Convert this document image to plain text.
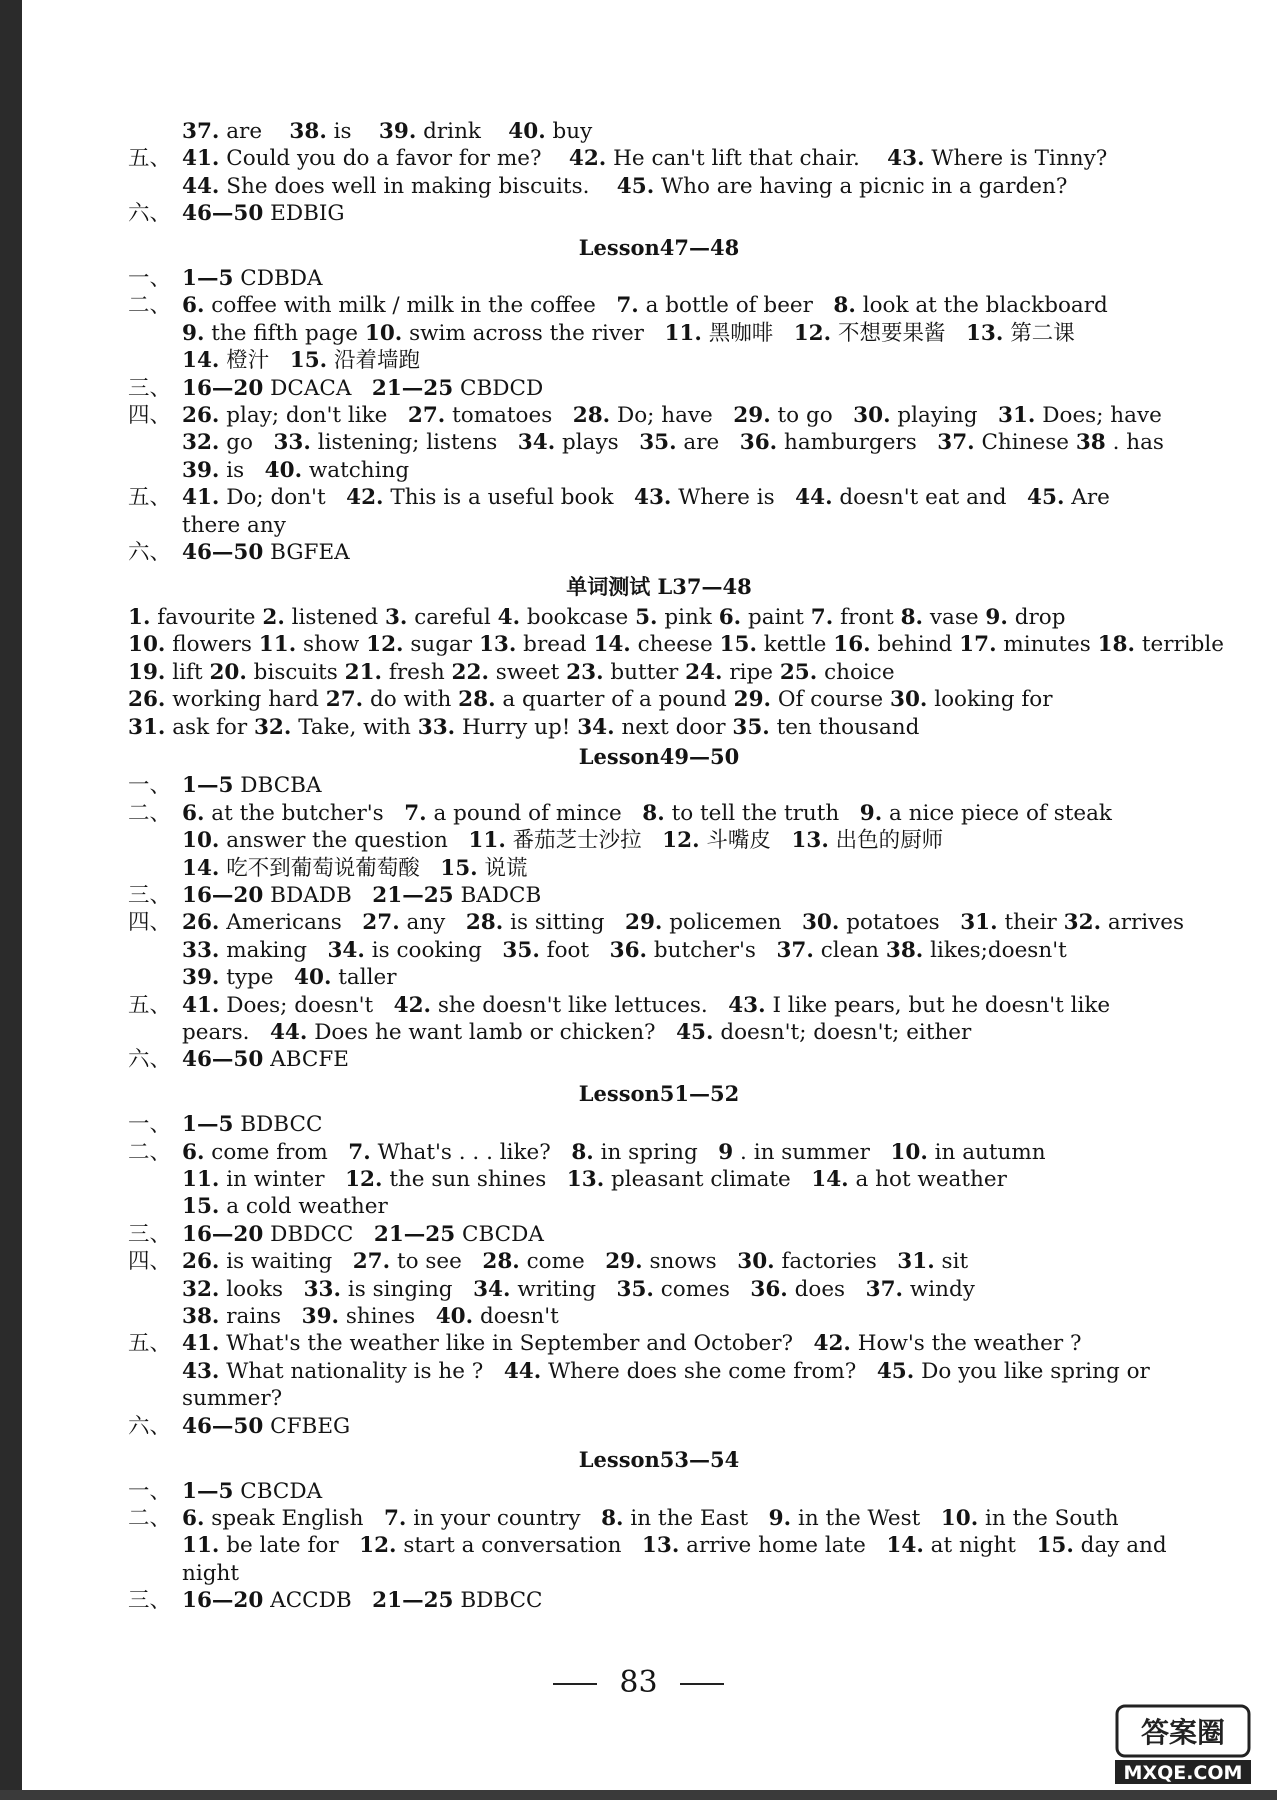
37. are    38. is    39. drink    40. buy
五、 41. Could you do a favor for me?    42. He can't lift that chair.    43. Where is Tinny?
44. She does well in making biscuits.    45. Who are having a picnic in a garden?
六、 46—50 EDBIG
Lesson47—48
一、 1—5 CDBDA
二、 6. coffee with milk / milk in the coffee   7. a bottle of beer   8. look at the blackboard
9. the fifth page 10. swim across the river   11. 黑咖啡   12. 不想要果酱   13. 第二课
14. 橙汁   15. 沿着墙跑
三、 16—20 DCACA   21—25 CBDCD
四、 26. play; don't like   27. tomatoes   28. Do; have   29. to go   30. playing   31. Does; have
32. go   33. listening; listens   34. plays   35. are   36. hamburgers   37. Chinese 38 . has
39. is   40. watching
五、 41. Do; don't   42. This is a useful book   43. Where is   44. doesn't eat and   45. Are
there any
六、 46—50 BGFEA
单词测试 L37—48
1. favourite 2. listened 3. careful 4. bookcase 5. pink 6. paint 7. front 8. vase 9. drop
10. flowers 11. show 12. sugar 13. bread 14. cheese 15. kettle 16. behind 17. minutes 18. terrible
19. lift 20. biscuits 21. fresh 22. sweet 23. butter 24. ripe 25. choice
26. working hard 27. do with 28. a quarter of a pound 29. Of course 30. looking for
31. ask for 32. Take, with 33. Hurry up! 34. next door 35. ten thousand
Lesson49—50
一、 1—5 DBCBA
二、 6. at the butcher's   7. a pound of mince   8. to tell the truth   9. a nice piece of steak
10. answer the question   11. 番茄芝士沙拉   12. 斗嘴皮   13. 出色的厨师
14. 吃不到葡萄说葡萄酸   15. 说谎
三、 16—20 BDADB   21—25 BADCB
四、 26. Americans   27. any   28. is sitting   29. policemen   30. potatoes   31. their 32. arrives
33. making   34. is cooking   35. foot   36. butcher's   37. clean 38. likes;doesn't
39. type   40. taller
五、 41. Does; doesn't   42. she doesn't like lettuces.   43. I like pears, but he doesn't like
pears.   44. Does he want lamb or chicken?   45. doesn't; doesn't; either
六、 46—50 ABCFE
Lesson51—52
一、 1—5 BDBCC
二、 6. come from   7. What's . . . like?   8. in spring   9 . in summer   10. in autumn
11. in winter   12. the sun shines   13. pleasant climate   14. a hot weather
15. a cold weather
三、 16—20 DBDCC   21—25 CBCDA
四、 26. is waiting   27. to see   28. come   29. snows   30. factories   31. sit
32. looks   33. is singing   34. writing   35. comes   36. does   37. windy
38. rains   39. shines   40. doesn't
五、 41. What's the weather like in September and October?   42. How's the weather ?
43. What nationality is he ?   44. Where does she come from?   45. Do you like spring or
summer?
六、 46—50 CFBEG
Lesson53—54
一、 1—5 CBCDA
二、 6. speak English   7. in your country   8. in the East   9. in the West   10. in the South
11. be late for   12. start a conversation   13. arrive home late   14. at night   15. day and
night
三、 16—20 ACCDB   21—25 BDBCC
83
答案圈
MXQE.COM
